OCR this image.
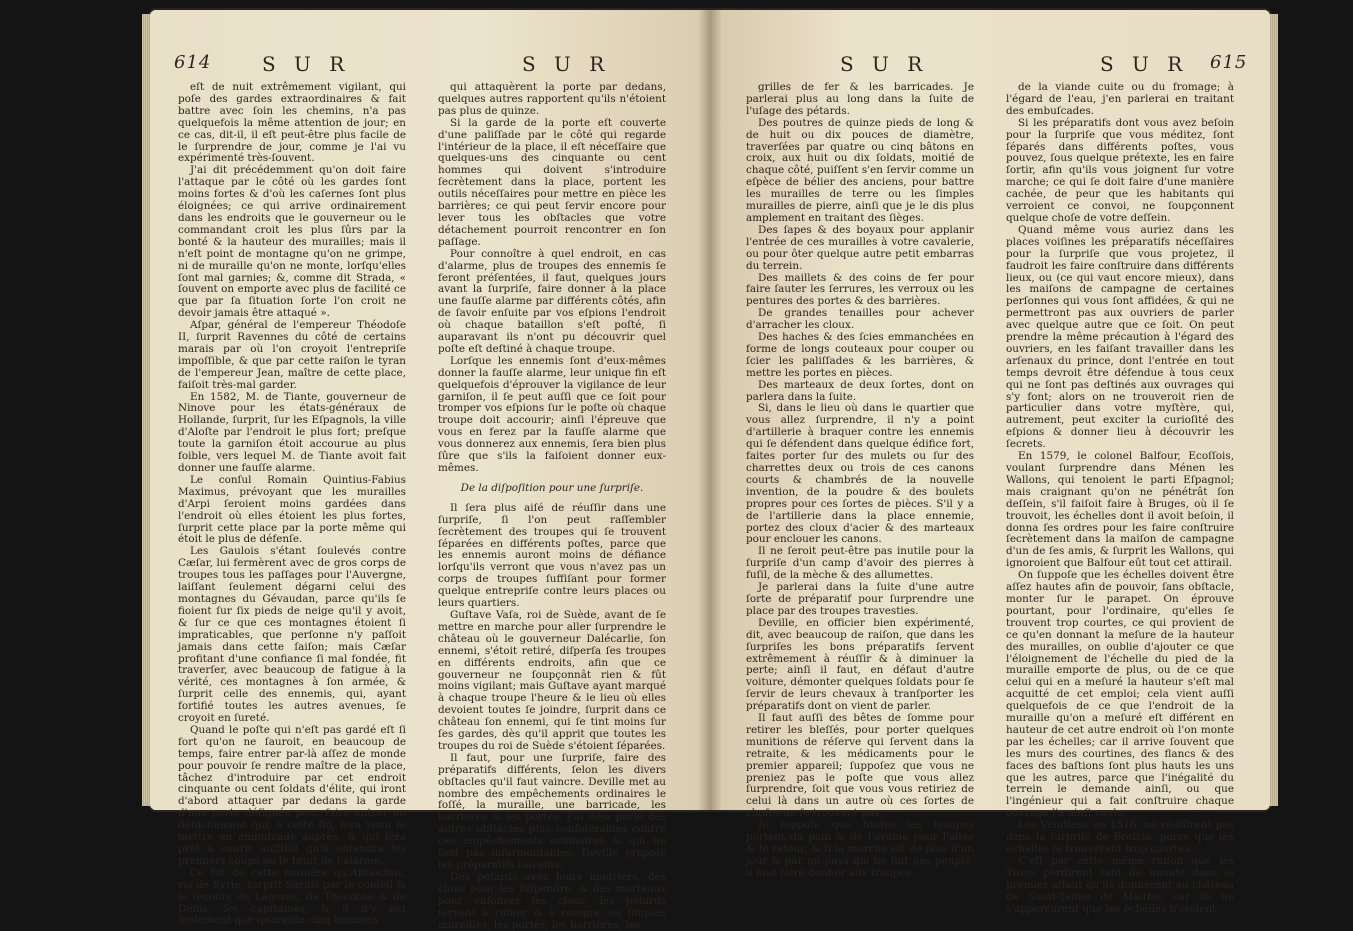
614	S U R	S U R

eſt de nuit extrêmement vigilant, qui poſe des gardes extraordinaires & fait battre avec ſoin les chemins, n'a pas quelquefois la même attention de jour; en ce cas, dit-il, il eſt peut-être plus facile de le ſurprendre de jour, comme je l'ai vu expérimenté très-ſouvent.

J'ai dit précédemment qu'on doit faire l'attaque par le côté où les gardes ſont moins fortes & d'où les caſernes ſont plus éloignées; ce qui arrive ordinairement dans les endroits que le gouverneur ou le commandant croit les plus ſûrs par la bonté & la hauteur des murailles; mais il n'eſt point de montagne qu'on ne grimpe, ni de muraille qu'on ne monte, lorſqu'elles ſont mal garnies; &, comme dit Strada, « ſouvent on emporte avec plus de facilité ce que par ſa ſituation ſorte l'on croit ne devoir jamais être attaqué ».

Aſpar, général de l'empereur Théodoſe II, ſurprit Ravennes du côté de certains marais par où l'on croyoit l'entrepriſe impoſſible, & que par cette raiſon le tyran de l'empereur Jean, maître de cette place, faiſoit très-mal garder.

En 1582, M. de Tiante, gouverneur de Ninove pour les états-généraux de Hollande, ſurprit, ſur les Eſpagnols, la ville d'Aloſte par l'endroit le plus fort; preſque toute la garniſon étoit accourue au plus foible, vers lequel M. de Tiante avoit fait donner une fauſſe alarme.

Le conſul Romain Quintius-Fabius Maximus, prévoyant que les murailles d'Arpi ſeroient moins gardées dans l'endroit où elles étoient les plus fortes, ſurprit cette place par la porte même qui étoit le plus de défenſe.

Les Gaulois s'étant ſoulevés contre Cæſar, lui fermèrent avec de gros corps de troupes tous les paſſages pour l'Auvergne, laiſſant ſeulement dégarni celui des montagnes du Gévaudan, parce qu'ils ſe fioient ſur ſix pieds de neige qu'il y avoit, & ſur ce que ces montagnes étoient ſi impraticables, que perſonne n'y paſſoit jamais dans cette ſaiſon; mais Cæſar profitant d'une confiance ſi mal fondée, fit traverſer, avec beaucoup de fatigue à la vérité, ces montagnes à ſon armée, & ſurprit celle des ennemis, qui, ayant fortifié toutes les autres avenues, ſe croyoit en ſureté.

Quand le poſte qui n'eſt pas gardé eſt ſi fort qu'on ne ſauroit, en beaucoup de temps, faire entrer par-là aſſez de monde pour pouvoir ſe rendre maître de la place, tâchez d'introduire par cet endroit cinquante ou cent ſoldats d'élite, qui iront d'abord attaquer par dedans la garde d'une porte déſignée pour faire entrer un détachement qui, à cette fin, ſera venu ſe mettre en embuſcade auprès, & qui ſera prêt à courir auſſitôt qu'il entendra les premiers coups ou le bruit de l'alarme.

Ce fut de cette manière qu'Antiochus, roi de Syrie, ſurprit Sardis par le conſeil & le ſecours de Lagoras, de Théodote & de Denis, ſes capitaines, & il n'y eut ſeulement que quarante-cinq hommes

qui attaquèrent la porte par dedans, quelques autres rapportent qu'ils n'étoient pas plus de quinze.

Si la garde de la porte eſt couverte d'une paliſſade par le côté qui regarde l'intérieur de la place, il eſt néceſſaire que quelques-uns des cinquante ou cent hommes qui doivent s'introduire ſecrètement dans la place, portent les outils néceſſaires pour mettre en pièce les barrières; ce qui peut ſervir encore pour lever tous les obſtacles que votre détachement pourroit rencontrer en ſon paſſage.

Pour connoître à quel endroit, en cas d'alarme, plus de troupes des ennemis ſe feront préſentées, il faut, quelques jours avant la ſurpriſe, faire donner à la place une fauſſe alarme par différents côtés, afin de ſavoir enſuite par vos eſpions l'endroit où chaque bataillon s'eſt poſté, ſi auparavant ils n'ont pu découvrir quel poſte eſt deſtiné à chaque troupe.

Lorſque les ennemis ſont d'eux-mêmes donner la fauſſe alarme, leur unique fin eſt quelquefois d'éprouver la vigilance de leur garniſon, il ſe peut auſſi que ce ſoit pour tromper vos eſpions ſur le poſte où chaque troupe doit accourir; ainſi l'épreuve que vous en ferez par la fauſſe alarme que vous donnerez aux ennemis, ſera bien plus ſûre que s'ils la faiſoient donner eux-mêmes.

De la diſpoſition pour une ſurpriſe.

Il ſera plus aiſé de réuſſir dans une ſurpriſe, ſi l'on peut raſſembler ſecrètement des troupes qui ſe trouvent ſéparées en différents poſtes, parce que les ennemis auront moins de défiance lorſqu'ils verront que vous n'avez pas un corps de troupes ſuffiſant pour former quelque entrepriſe contre leurs places ou leurs quartiers.

Guſtave Vaſa, roi de Suède, avant de ſe mettre en marche pour aller ſurprendre le château où le gouverneur Dalécarlie, ſon ennemi, s'étoit retiré, diſperſa ſes troupes en différents endroits, afin que ce gouverneur ne ſoupçonnât rien & fût moins vigilant; mais Guſtave ayant marqué à chaque troupe l'heure & le lieu où elles devoient toutes ſe joindre, ſurprit dans ce château ſon ennemi, qui ſe tint moins ſur ſes gardes, dès qu'il apprit que toutes les troupes du roi de Suède s'étoient ſéparées.

Il faut, pour une ſurpriſe, faire des préparatifs différents, ſelon les divers obſtacles qu'il faut vaincre. Deville met au nombre des empêchements ordinaires le foſſé, la muraille, une barricade, les barrières & les portes. J'ai déja parlé des autres obſtacles plus conſidérables contre ces empêchements ordinaires & qui ne ſont pas inſurmontables. Deville propoſe les préparatifs ſuivants:

Des pétards avec leurs madriers, des clous pour les ſuſpendre, & des marteaux pour enfoncer les clous; les pétards ſervent à ruiner & à rompre les ſimples murailles, les portes, les barrières, les

S U R	S U R 615

grilles de fer & les barricades. Je parlerai plus au long dans la ſuite de l'uſage des pétards.

Des poutres de quinze pieds de long & de huit ou dix pouces de diamètre, traverſées par quatre ou cinq bâtons en croix, aux huit ou dix ſoldats, moitié de chaque côté, puiſſent s'en ſervir comme un eſpèce de bélier des anciens, pour battre les murailles de terre ou les ſimples murailles de pierre, ainſi que je le dis plus amplement en traitant des ſièges.

Des ſapes & des boyaux pour applanir l'entrée de ces murailles à votre cavalerie, ou pour ôter quelque autre petit embarras du terrein.

Des maillets & des coins de fer pour faire ſauter les ſerrures, les verroux ou les pentures des portes & des barrières.

De grandes tenailles pour achever d'arracher les cloux.

Des haches & des ſcies emmanchées en forme de longs couteaux pour couper ou ſcier les paliſſades & les barrières, & mettre les portes en pièces.

Des marteaux de deux ſortes, dont on parlera dans la ſuite.

Si, dans le lieu où dans le quartier que vous allez ſurprendre, il n'y a point d'artillerie à braquer contre les ennemis qui ſe défendent dans quelque édifice fort, faites porter ſur des mulets ou ſur des charrettes deux ou trois de ces canons courts & chambrés de la nouvelle invention, de la poudre & des boulets propres pour ces ſortes de pièces. S'il y a de l'artillerie dans la place ennemie, portez des cloux d'acier & des marteaux pour enclouer les canons.

Il ne ſeroit peut-être pas inutile pour la ſurpriſe d'un camp d'avoir des pierres à fuſil, de la mèche & des allumettes.

Je parlerai dans la ſuite d'une autre ſorte de préparatif pour ſurprendre une place par des troupes travesties.

Deville, en officier bien expérimenté, dit, avec beaucoup de raiſon, que dans les ſurpriſes les bons préparatifs ſervent extrêmement à réuſſir & à diminuer la perte; ainſi il faut, en défaut d'autre voiture, démonter quelques ſoldats pour ſe ſervir de leurs chevaux à tranſporter les préparatifs dont on vient de parler.

Il faut auſſi des bêtes de ſomme pour retirer les bleſſés, pour porter quelques munitions de réſerve qui ſervent dans la retraite, & les médicaments pour le premier appareil; ſuppoſez que vous ne preniez pas le poſte que vous allez ſurprendre, ſoit que vous vous retiriez de celui là dans un autre où ces ſortes de choſes ne ſe trouvent pas.

Je ſuppoſe que toutes les troupes portent du pain & de l'avoine pour l'allée & le retour, & ſi la marche eſt de plus d'un jour & par un pays qui ne ſoit pas peuplé, il faut faire donner aux troupes

de la viande cuite ou du fromage; à l'égard de l'eau, j'en parlerai en traitant des embuſcades.

Si les préparatifs dont vous avez beſoin pour la ſurpriſe que vous méditez, ſont ſéparés dans différents poſtes, vous pouvez, ſous quelque prétexte, les en faire ſortir, afin qu'ils vous joignent ſur votre marche; ce qui ſe doit faire d'une manière cachée, de peur que les habitants qui verroient ce convoi, ne ſoupçonnent quelque choſe de votre deſſein.

Quand même vous auriez dans les places voiſines les préparatifs néceſſaires pour la ſurpriſe que vous projetez, il faudroit les faire conſtruire dans différents lieux, ou (ce qui vaut encore mieux), dans les maiſons de campagne de certaines perſonnes qui vous ſont affidées, & qui ne permettront pas aux ouvriers de parler avec quelque autre que ce ſoit. On peut prendre la même précaution à l'égard des ouvriers, en les faiſant travailler dans les arſenaux du prince, dont l'entrée en tout temps devroit être défendue à tous ceux qui ne ſont pas deſtinés aux ouvrages qui s'y font; alors on ne trouveroit rien de particulier dans votre myſtère, qui, autrement, peut exciter la curioſité des eſpions & donner lieu à découvrir les ſecrets.

En 1579, le colonel Balfour, Ecoſſois, voulant ſurprendre dans Ménen les Wallons, qui tenoient le parti Eſpagnol; mais craignant qu'on ne pénétrât ſon deſſein, s'il faiſoit faire à Bruges, où il ſe trouvoit, les échelles dont il avoit beſoin, il donna ſes ordres pour les faire conſtruire ſecrètement dans la maiſon de campagne d'un de ſes amis, & ſurprit les Wallons, qui ignoroient que Balfour eût tout cet attirail.

On ſuppoſe que les échelles doivent être aſſez hautes afin de pouvoir, ſans obſtacle, monter ſur le parapet. On éprouve pourtant, pour l'ordinaire, qu'elles ſe trouvent trop courtes, ce qui provient de ce qu'en donnant la meſure de la hauteur des murailles, on oublie d'ajouter ce que l'éloignement de l'échelle du pied de la muraille emporte de plus, ou de ce que celui qui en a meſuré la hauteur s'eſt mal acquitté de cet emploi; cela vient auſſi quelquefois de ce que l'endroit de la muraille qu'on a meſuré eſt différent en hauteur de cet autre endroit où l'on monte par les échelles; car il arrive ſouvent que les murs des courtines, des flancs & des faces des baſtions ſont plus hauts les uns que les autres, parce que l'inégalité du terrein le demande ainſi, ou que l'ingénieur qui a fait conſtruire chaque ouvrage l'a ainſi voulu.

Les Vénitiens en 1516, ne réuſſirent pas dans la ſurpriſe de Breſcia, parce que les échelles ſe trouvèrent trop courtes.

C'eſt par cette même raiſon que les Turcs perdirent tant de monde dans le premier aſſaut qu'ils donnèrent au château de Saint-Telme de Malthe; car ils ne s'apperçurent que les échelles n'étoient
